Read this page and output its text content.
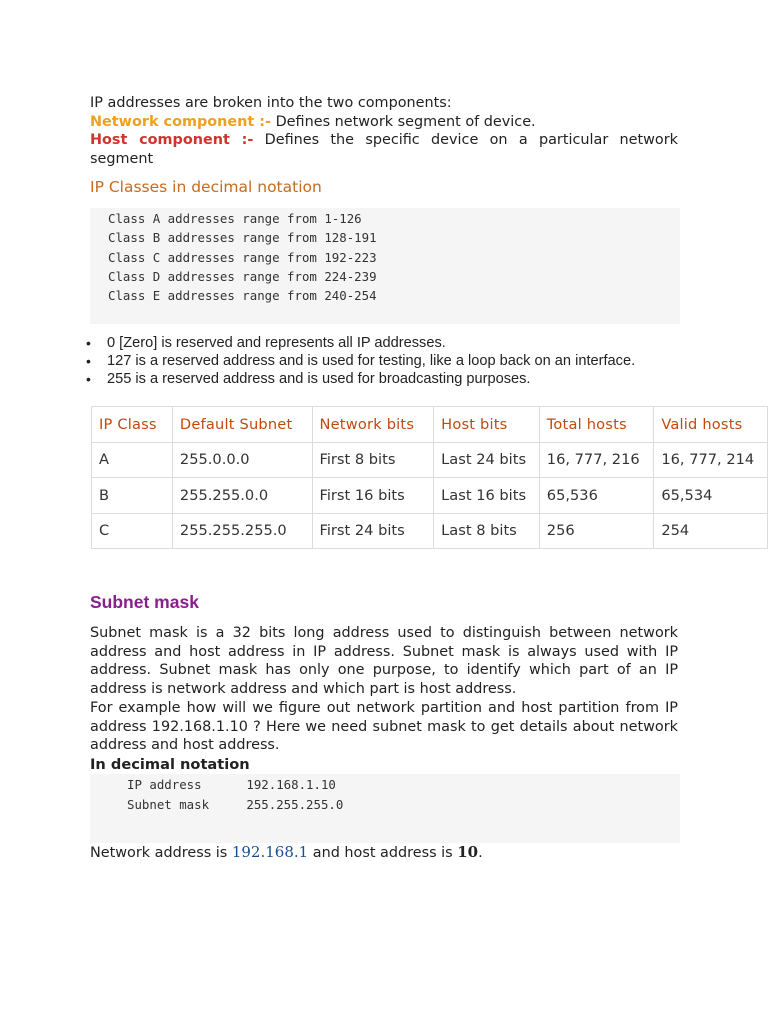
IP addresses are broken into the two components:

Network component :- Defines network segment of device.

Host component :- Defines the specific device on a particular network segment

IP Classes in decimal notation

Class A addresses range from 1-126

Class B addresses range from 128-191

Class C addresses range from 192-223

Class D addresses range from 224-239

Class E addresses range from 240-254

• 0 [Zero] is reserved and represents all IP addresses.
• 127 is a reserved address and is used for testing, like a loop back on an interface.
• 255 is a reserved address and is used for broadcasting purposes.
IP Class	Default Subnet	Network bits	Host bits	Total hosts	Valid hosts
A	255.0.0.0	First 8 bits	Last 24 bits	16, 777, 216	16, 777, 214
B	255.255.0.0	First 16 bits	Last 16 bits	65,536	65,534
C	255.255.255.0	First 24 bits	Last 8 bits	256	254
Subnet mask

Subnet mask is a 32 bits long address used to distinguish between network address and host address in IP address. Subnet mask is always used with IP address. Subnet mask has only one purpose, to identify which part of an IP address is network address and which part is host address.

For example how will we figure out network partition and host partition from IP address 192.168.1.10 ? Here we need subnet mask to get details about network address and host address.

In decimal notation

IP address      192.168.1.10

Subnet mask     255.255.255.0

Network address is 192.168.1 and host address is 10.
